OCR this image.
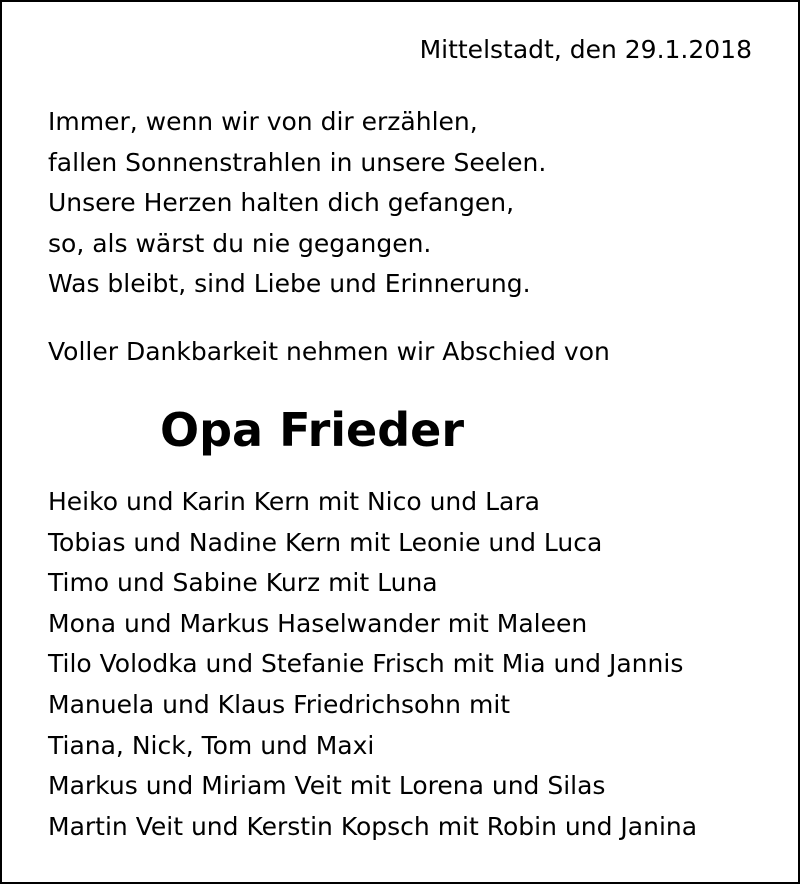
Mittelstadt, den 29.1.2018
Immer, wenn wir von dir erzählen,
fallen Sonnenstrahlen in unsere Seelen.
Unsere Herzen halten dich gefangen,
so, als wärst du nie gegangen.
Was bleibt, sind Liebe und Erinnerung.
Voller Dankbarkeit nehmen wir Abschied von
Opa Frieder
Heiko und Karin Kern mit Nico und Lara
Tobias und Nadine Kern mit Leonie und Luca
Timo und Sabine Kurz mit Luna
Mona und Markus Haselwander mit Maleen
Tilo Volodka und Stefanie Frisch mit Mia und Jannis
Manuela und Klaus Friedrichsohn mit
Tiana, Nick, Tom und Maxi
Markus und Miriam Veit mit Lorena und Silas
Martin Veit und Kerstin Kopsch mit Robin und Janina
